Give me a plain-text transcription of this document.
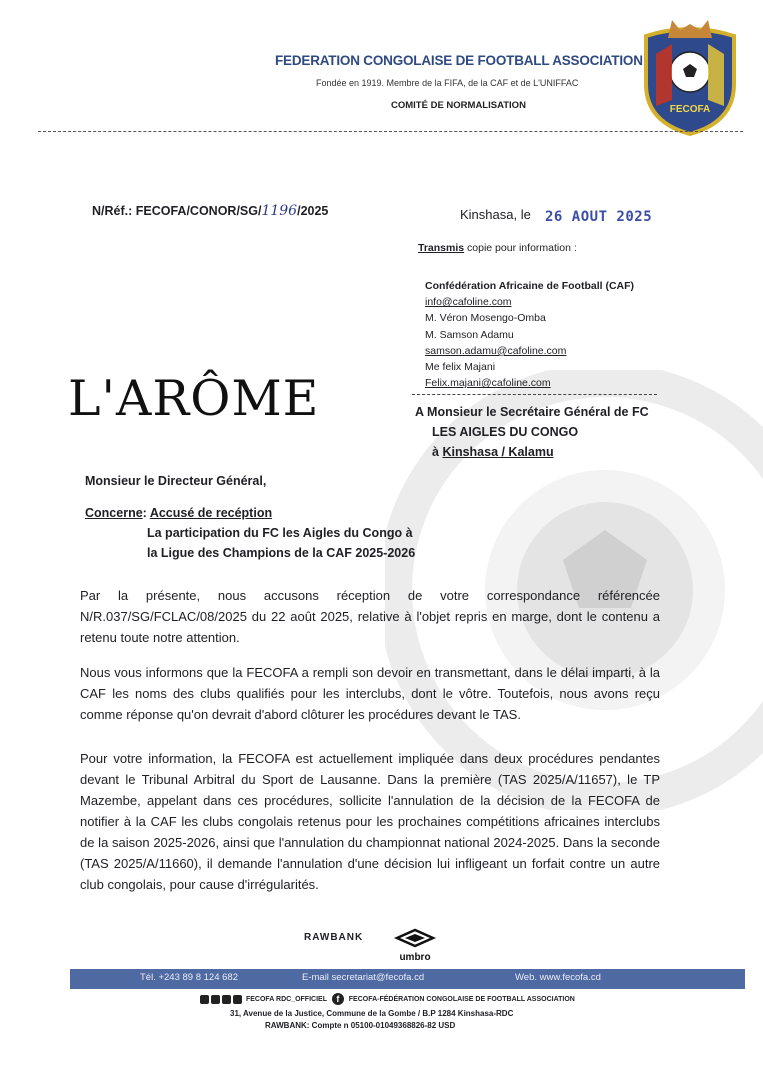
FEDERATION CONGOLAISE DE FOOTBALL ASSOCIATION
Fondée en 1919. Membre de la FIFA, de la CAF et de L'UNIFFAC
COMITÉ DE NORMALISATION	FECOFA
N/Réf.: FECOFA/CONOR/SG/1196/2025	Kinshasa, le 26 AOUT 2025
Transmis copie pour information :
Confédération Africaine de Football (CAF)
info@cafoline.com
M. Véron Mosengo-Omba
M. Samson Adamu
samson.adamu@cafoline.com
Me felix Majani
Felix.majani@cafoline.com
A Monsieur le Secrétaire Général de FC
LES AIGLES DU CONGO
à Kinshasa / Kalamu
L'ARÔME
Monsieur le Directeur Général,
Concerne: Accusé de recéption
La participation du FC les Aigles du Congo à
la Ligue des Champions de la CAF 2025-2026
Par la présente, nous accusons réception de votre correspondance référencée N/R.037/SG/FCLAC/08/2025 du 22 août 2025, relative à l'objet repris en marge, dont le contenu a retenu toute notre attention.
Nous vous informons que la FECOFA a rempli son devoir en transmettant, dans le délai imparti, à la CAF les noms des clubs qualifiés pour les interclubs, dont le vôtre. Toutefois, nous avons reçu comme réponse qu'on devrait d'abord clôturer les procédures devant le TAS.
Pour votre information, la FECOFA est actuellement impliquée dans deux procédures pendantes devant le Tribunal Arbitral du Sport de Lausanne. Dans la première (TAS 2025/A/11657), le TP Mazembe, appelant dans ces procédures, sollicite l'annulation de la décision de la FECOFA de notifier à la CAF les clubs congolais retenus pour les prochaines compétitions africaines interclubs de la saison 2025-2026, ainsi que l'annulation du championnat national 2024-2025. Dans la seconde (TAS 2025/A/11660), il demande l'annulation d'une décision lui infligeant un forfait contre un autre club congolais, pour cause d'irrégularités.
RAWBANK
umbro
Tél. +243 89 8 124 682	E-mail secretariat@fecofa.cd	Web. www.fecofa.cd
FECOFA RDC_OFFICIEL f FECOFA-FÉDÉRATION CONGOLAISE DE FOOTBALL ASSOCIATION
31, Avenue de la Justice, Commune de la Gombe / B.P 1284 Kinshasa-RDC
RAWBANK: Compte n 05100-01049368826-82 USD
